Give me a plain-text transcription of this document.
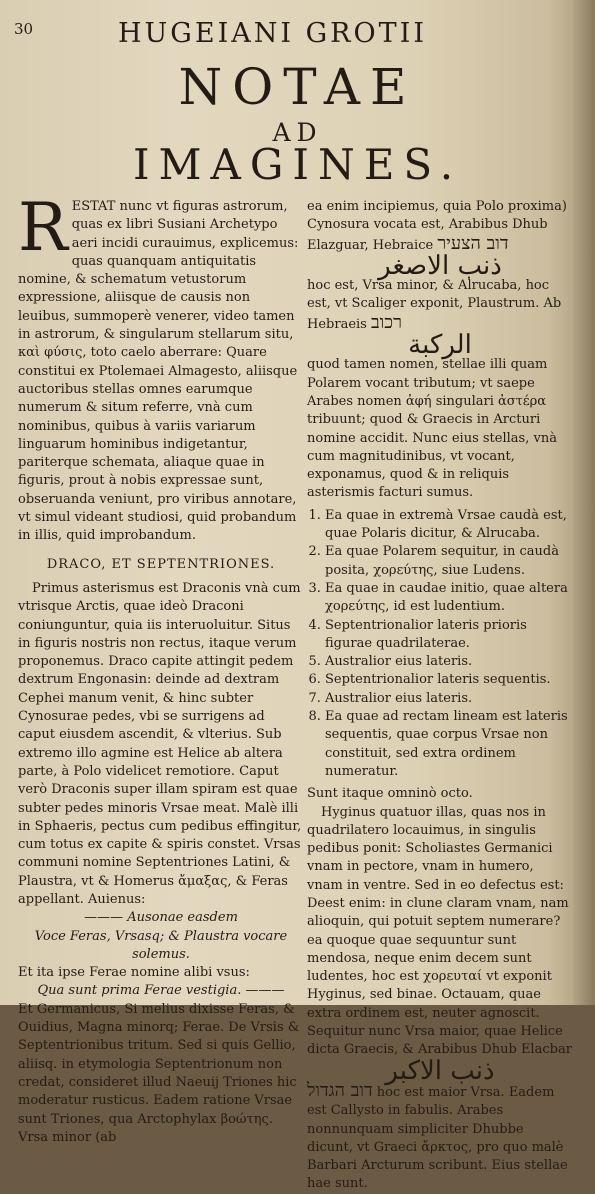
30	HUGEIANI GROTII
NOTAE
AD
IMAGINES.

R ESTAT nunc vt figuras astrorum, quas ex libri Susiani Archetypo aeri incidi curauimus, explicemus: quas quanquam antiquitatis nomine, & schematum vetustorum expressione, aliisque de causis non leuibus, summoperè venerer, video tamen in astrorum, & singularum stellarum situ, καὶ φύσις, toto caelo aberrare: Quare constitui ex Ptolemaei Almagesto, aliisque auctoribus stellas omnes earumque numerum & situm referre, vnà cum nominibus, quibus à variis variarum linguarum hominibus indigetantur, pariterque schemata, aliaque quae in figuris, prout à nobis expressae sunt, obseruanda veniunt, pro viribus annotare, vt simul videant studiosi, quid probandum in illis, quid improbandum.

DRACO, ET SEPTENTRIONES.

Primus asterismus est Draconis vnà cum vtrisque Arctis, quae ideò Draconi coniunguntur, quia iis interuoluitur. Situs in figuris nostris non rectus, itaque verum proponemus. Draco capite attingit pedem dextrum Engonasin: deinde ad dextram Cephei manum venit, & hinc subter Cynosurae pedes, vbi se surrigens ad caput eiusdem ascendit, & vlterius. Sub extremo illo agmine est Helice ab altera parte, à Polo videlicet remotiore. Caput verò Draconis super illam spiram est quae subter pedes minoris Vrsae meat. Malè illi in Sphaeris, pectus cum pedibus effingitur, cum totus ex capite & spiris constet. Vrsas communi nomine Septentriones Latini, & Plaustra, vt & Homerus ἄμαξας, & Feras appellant. Auienus:

——— Ausonae easdem

Voce Feras, Vrsasq; & Plaustra vocare solemus.

Et ita ipse Ferae nomine alibi vsus:

Qua sunt prima Ferae vestigia. ———

Et Germanicus, Si melius dixisse Feras, & Ouidius, Magna minorq; Ferae. De Vrsis & Septentrionibus tritum. Sed si quis Gellio, aliisq. in etymologia Septentrionum non credat, consideret illud Naeuij Triones hic moderatur rusticus. Eadem ratione Vrsae sunt Triones, qua Arctophylax βοώτης. Vrsa minor (ab

ea enim incipiemus, quia Polo proxima) Cynosura vocata est, Arabibus Dhub Elazguar, Hebraice דוב הצעיר

ذنب الاصغر

hoc est, Vrsa minor, & Alrucaba, hoc est, vt Scaliger exponit, Plaustrum. Ab Hebraeis רכוב

الركبة

quod tamen nomen, stellae illi quam Polarem vocant tributum; vt saepe Arabes nomen ἀφή singulari ἀστέρα tribuunt; quod & Graecis in Arcturi nomine accidit. Nunc eius stellas, vnà cum magnitudinibus, vt vocant, exponamus, quod & in reliquis asterismis facturi sumus.

1. Ea quae in extremà Vrsae caudà est, quae Polaris dicitur, & Alrucaba.
2. Ea quae Polarem sequitur, in caudà posita, χορεύτης, siue Ludens.
3. Ea quae in caudae initio, quae altera χορεύτης, id est ludentium.
4. Septentrionalior lateris prioris figurae quadrilaterae.
5. Australior eius lateris.
6. Septentrionalior lateris sequentis.
7. Australior eius lateris.
8. Ea quae ad rectam lineam est lateris sequentis, quae corpus Vrsae non constituit, sed extra ordinem numeratur.

Sunt itaque omninò octo.

Hyginus quatuor illas, quas nos in quadrilatero locauimus, in singulis pedibus ponit: Scholiastes Germanici vnam in pectore, vnam in humero, vnam in ventre. Sed in eo defectus est: Deest enim: in clune claram vnam, nam alioquin, qui potuit septem numerare? ea quoque quae sequuntur sunt mendosa, neque enim decem sunt ludentes, hoc est χορευταί vt exponit Hyginus, sed binae. Octauam, quae extra ordinem est, neuter agnoscit. Sequitur nunc Vrsa maior, quae Helice dicta Graecis, & Arabibus Dhub Elacbar

ذنب الاكبر

דוב הגדול hoc est maior Vrsa. Eadem est Callysto in fabulis. Arabes nonnunquam simpliciter Dhubbe dicunt, vt Graeci ἄρκτος, pro quo malè Barbari Arcturum scribunt. Eius stellae hae sunt.
